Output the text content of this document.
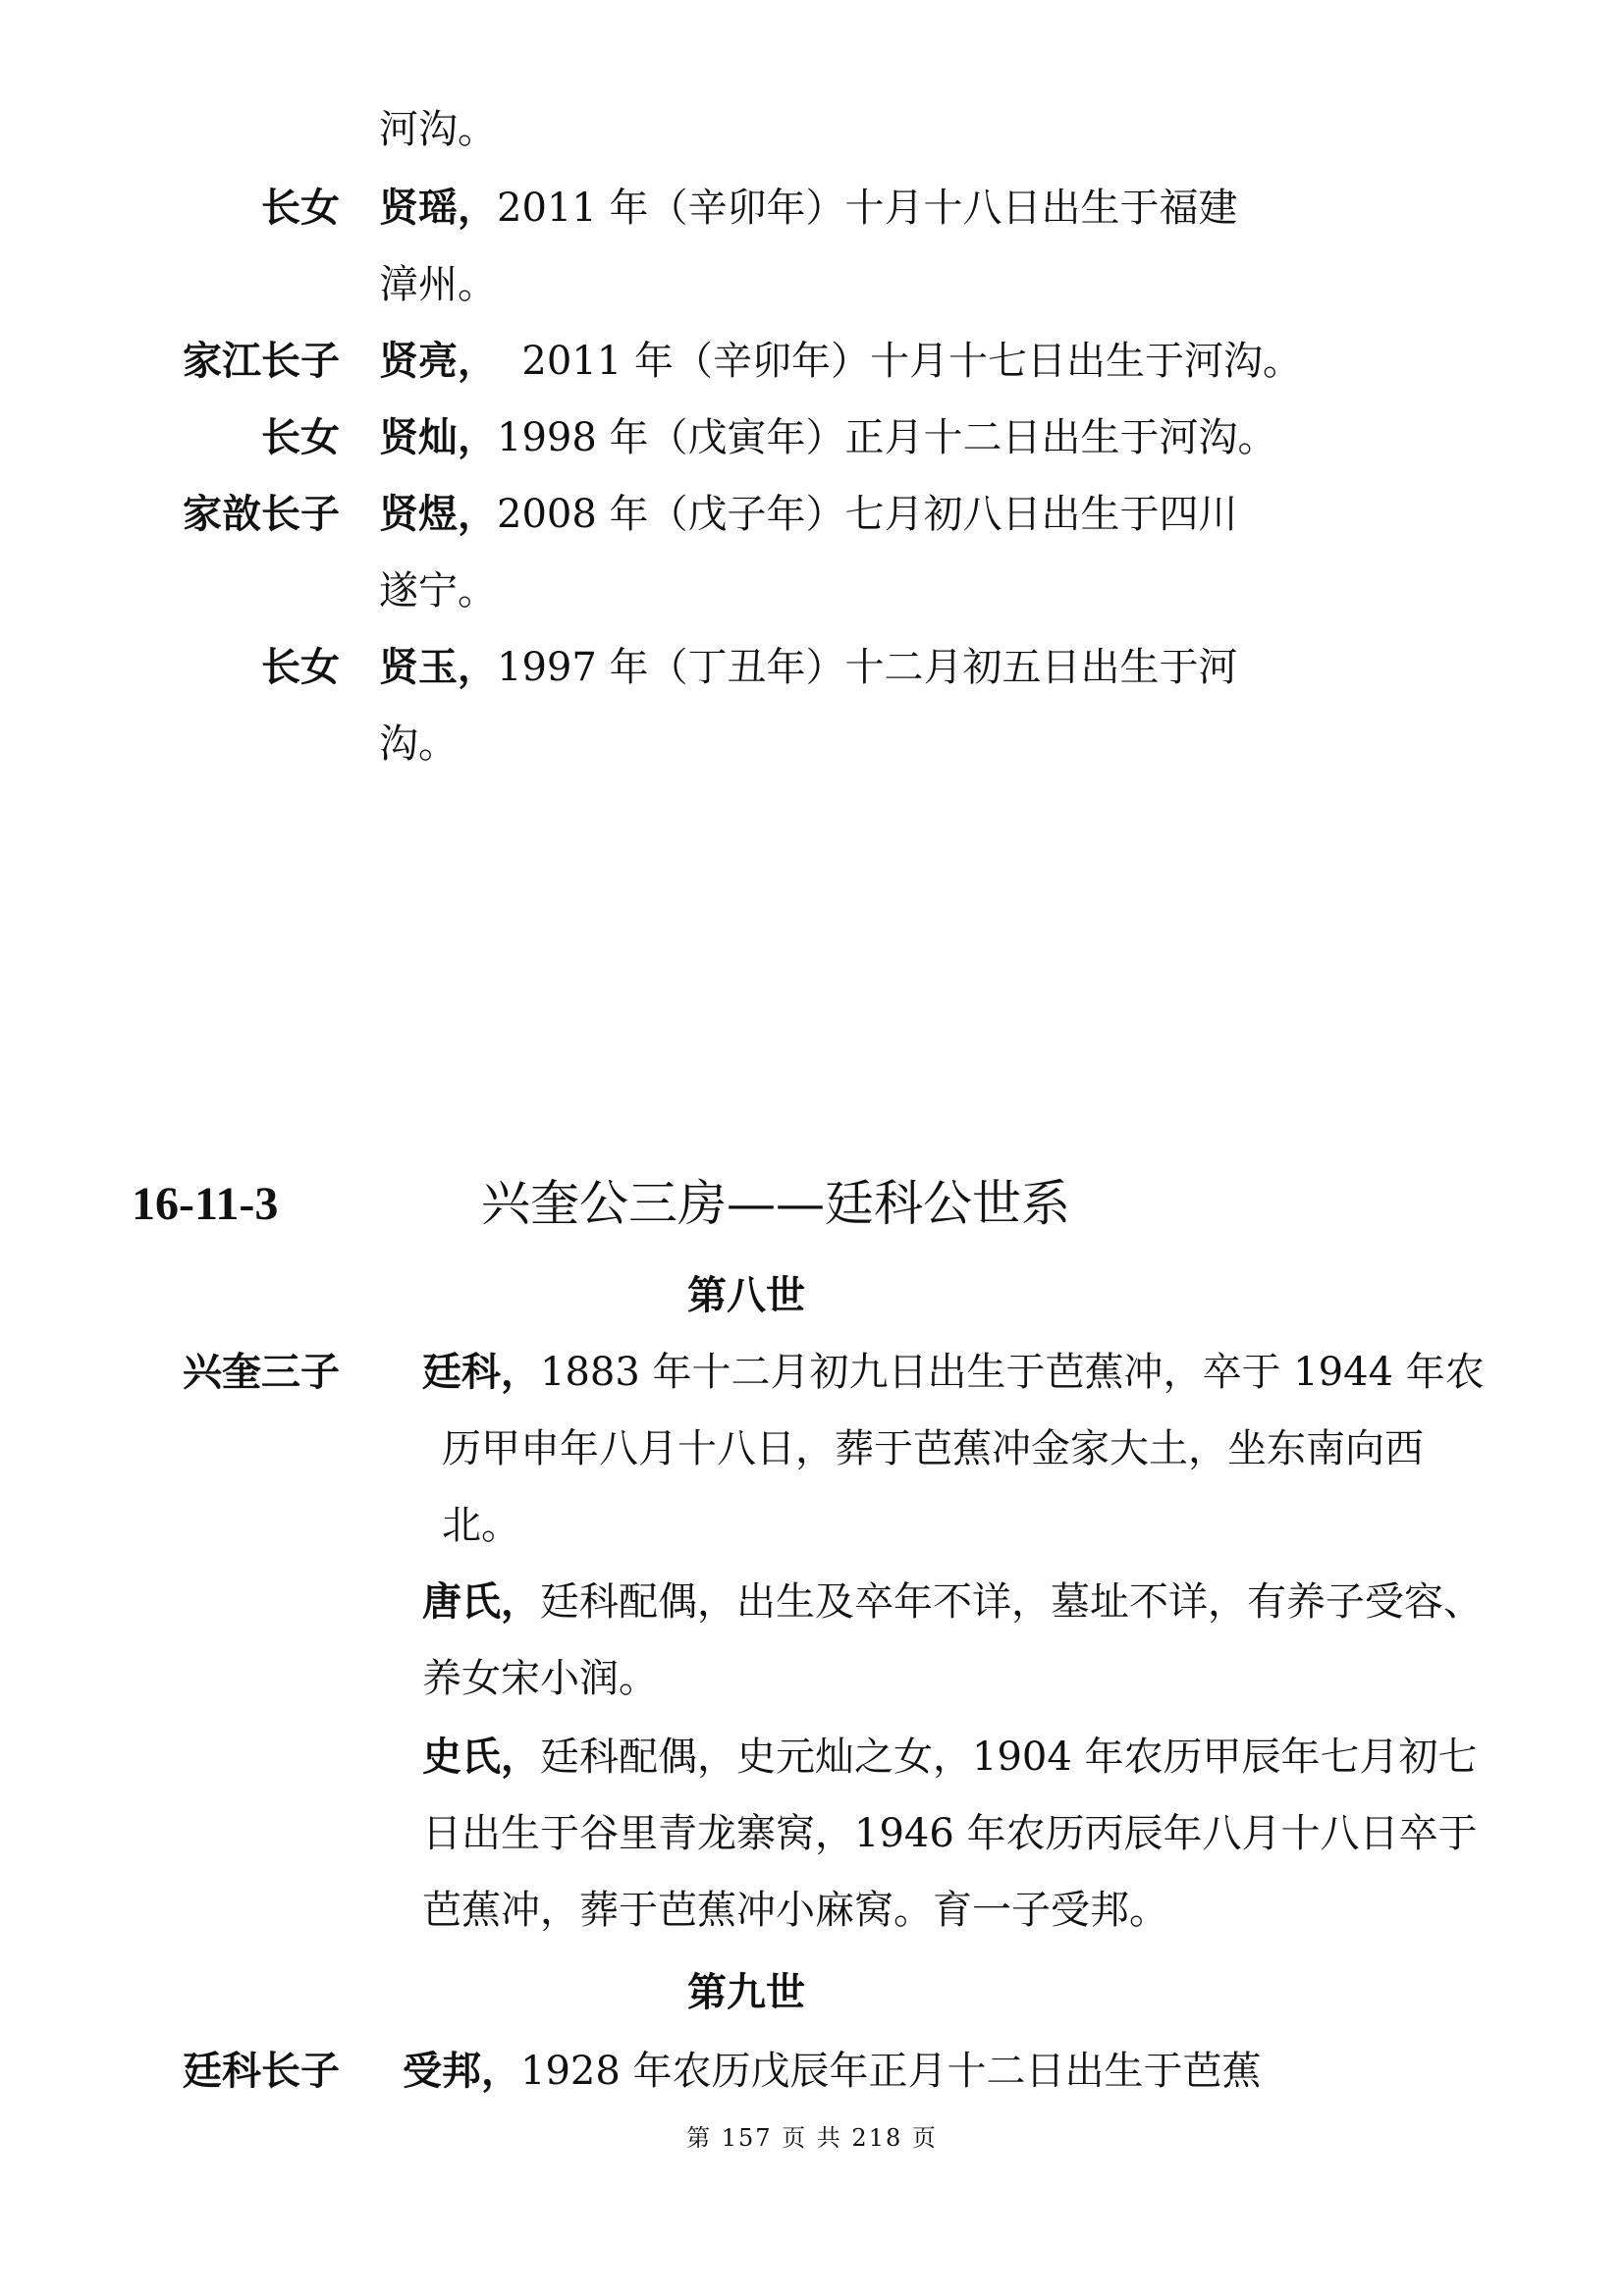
河沟。
长女 贤瑶，2011 年（辛卯年）十月十八日出生于福建
漳州。
家江长子 贤亮，  2011 年（辛卯年）十月十七日出生于河沟。
长女 贤灿，1998 年（戊寅年）正月十二日出生于河沟。
家敨长子 贤煜，2008 年（戊子年）七月初八日出生于四川
遂宁。
长女 贤玉，1997 年（丁丑年）十二月初五日出生于河
沟。
16-11-3	兴奎公三房——廷科公世系
第八世
兴奎三子 廷科，1883 年十二月初九日出生于芭蕉冲，卒于 1944 年农
历甲申年八月十八日，葬于芭蕉冲金家大土，坐东南向西
北。
唐氏，廷科配偶，出生及卒年不详，墓址不详，有养子受容、
养女宋小润。
史氏，廷科配偶，史元灿之女，1904 年农历甲辰年七月初七
日出生于谷里青龙寨窝，1946 年农历丙辰年八月十八日卒于
芭蕉冲，葬于芭蕉冲小麻窝。育一子受邦。
第九世
廷科长子 受邦，1928 年农历戊辰年正月十二日出生于芭蕉
第 157 页 共 218 页
